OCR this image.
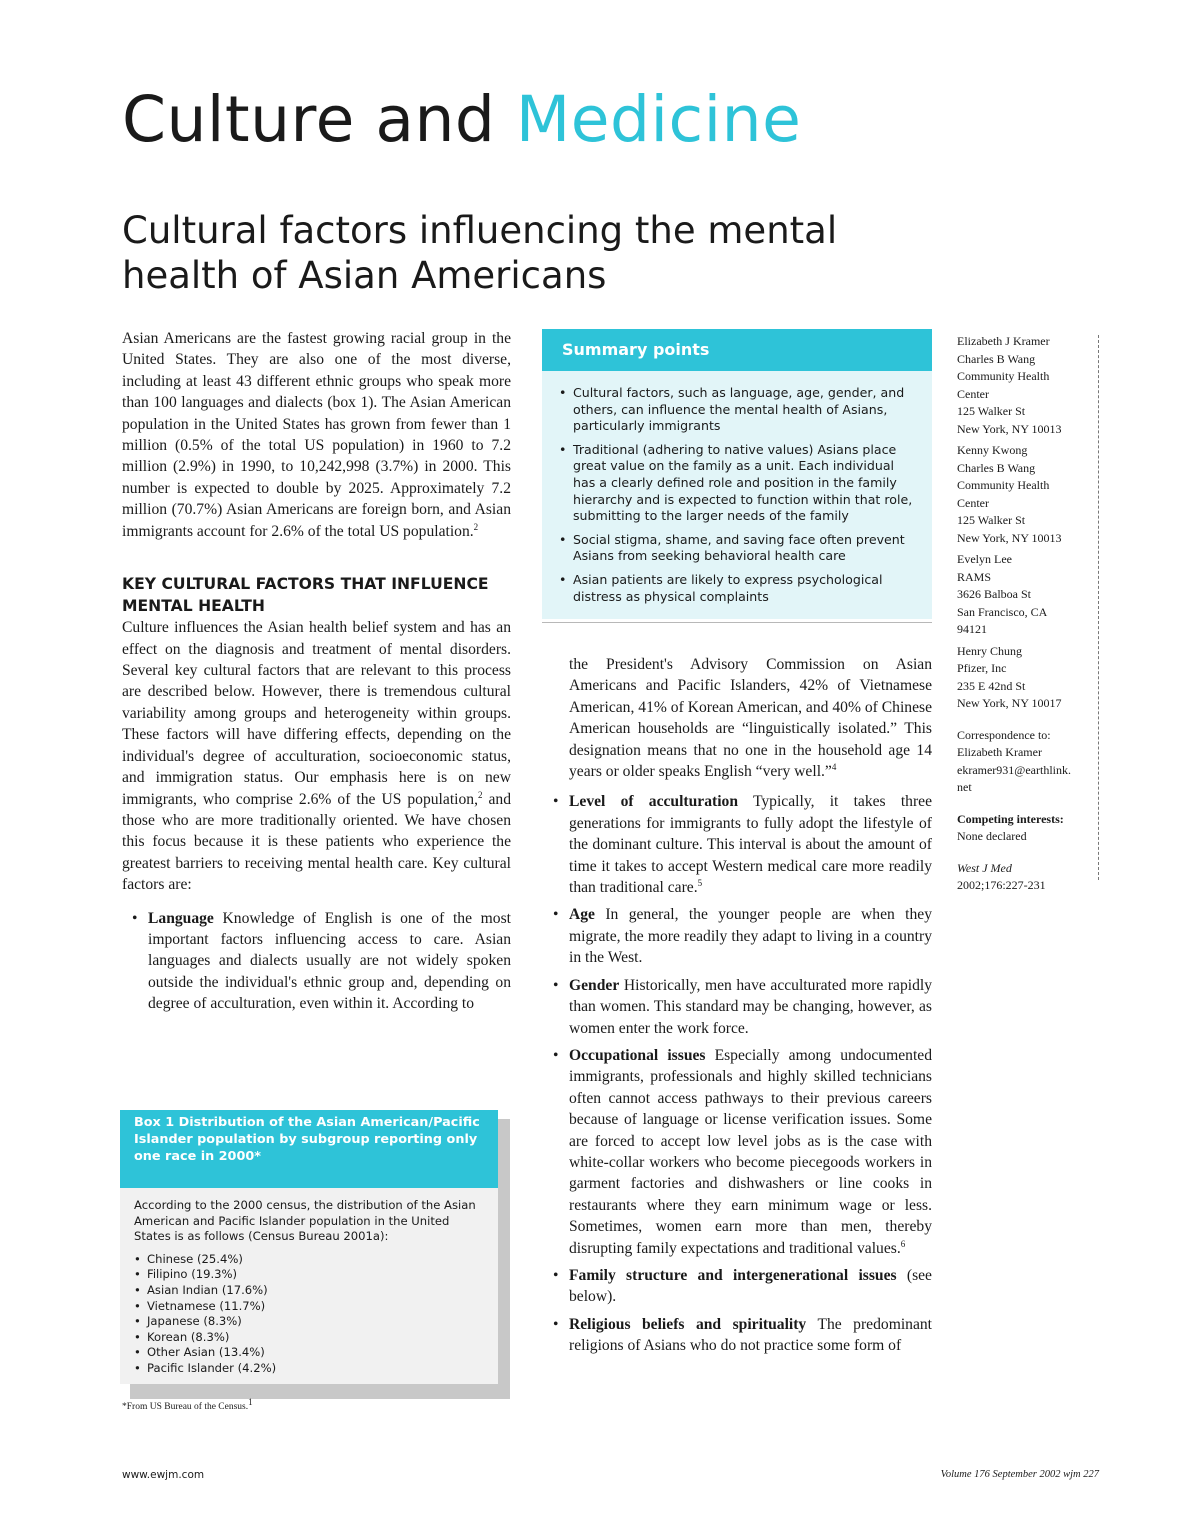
Culture and Medicine
Cultural factors influencing the mental health of Asian Americans

Asian Americans are the fastest growing racial group in the United States. They are also one of the most diverse, including at least 43 different ethnic groups who speak more than 100 languages and dialects (box 1). The Asian American population in the United States has grown from fewer than 1 million (0.5% of the total US population) in 1960 to 7.2 million (2.9%) in 1990, to 10,242,998 (3.7%) in 2000. This number is expected to double by 2025. Approximately 7.2 million (70.7%) Asian Americans are foreign born, and Asian immigrants account for 2.6% of the total US population.$^2$

KEY CULTURAL FACTORS THAT INFLUENCE MENTAL HEALTH

Culture influences the Asian health belief system and has an effect on the diagnosis and treatment of mental disorders. Several key cultural factors that are relevant to this process are described below. However, there is tremendous cultural variability among groups and heterogeneity within groups. These factors will have differing effects, depending on the individual's degree of acculturation, socioeconomic status, and immigration status. Our emphasis here is on new immigrants, who comprise 2.6% of the US population,$^2$ and those who are more traditionally oriented. We have chosen this focus because it is these patients who experience the greatest barriers to receiving mental health care. Key cultural factors are:

• Language Knowledge of English is one of the most important factors influencing access to care. Asian languages and dialects usually are not widely spoken outside the individual's ethnic group and, depending on degree of acculturation, even within it. According to
Box 1 Distribution of the Asian American/Pacific Islander population by subgroup reporting only one race in 2000*
According to the 2000 census, the distribution of the Asian American and Pacific Islander population in the United States is as follows (Census Bureau 2001a):
• Chinese (25.4%)
• Filipino (19.3%)
• Asian Indian (17.6%)
• Vietnamese (11.7%)
• Japanese (8.3%)
• Korean (8.3%)
• Other Asian (13.4%)
• Pacific Islander (4.2%)
*From US Bureau of the Census.$^1$
Summary points
• Cultural factors, such as language, age, gender, and others, can influence the mental health of Asians, particularly immigrants
• Traditional (adhering to native values) Asians place great value on the family as a unit. Each individual has a clearly defined role and position in the family hierarchy and is expected to function within that role, submitting to the larger needs of the family
• Social stigma, shame, and saving face often prevent Asians from seeking behavioral health care
• Asian patients are likely to express psychological distress as physical complaints

the President's Advisory Commission on Asian Americans and Pacific Islanders, 42% of Vietnamese American, 41% of Korean American, and 40% of Chinese American households are “linguistically isolated.” This designation means that no one in the household age 14 years or older speaks English “very well.”$^4$

• Level of acculturation Typically, it takes three generations for immigrants to fully adopt the lifestyle of the dominant culture. This interval is about the amount of time it takes to accept Western medical care more readily than traditional care.$^5$
• Age In general, the younger people are when they migrate, the more readily they adapt to living in a country in the West.
• Gender Historically, men have acculturated more rapidly than women. This standard may be changing, however, as women enter the work force.
• Occupational issues Especially among undocumented immigrants, professionals and highly skilled technicians often cannot access pathways to their previous careers because of language or license verification issues. Some are forced to accept low level jobs as is the case with white-collar workers who become piecegoods workers in garment factories and dishwashers or line cooks in restaurants where they earn minimum wage or less. Sometimes, women earn more than men, thereby disrupting family expectations and traditional values.$^6$
• Family structure and intergenerational issues (see below).
• Religious beliefs and spirituality The predominant religions of Asians who do not practice some form of
Elizabeth J Kramer
Charles B Wang
Community Health
Center
125 Walker St
New York, NY 10013
Kenny Kwong
Charles B Wang
Community Health
Center
125 Walker St
New York, NY 10013
Evelyn Lee
RAMS
3626 Balboa St
San Francisco, CA
94121
Henry Chung
Pfizer, Inc
235 E 42nd St
New York, NY 10017
Correspondence to:
Elizabeth Kramer
ekramer931@earthlink.
net
Competing interests:
None declared
West J Med
2002;176:227-231
www.ewjm.com	Volume 176 September 2002 wjm 227
